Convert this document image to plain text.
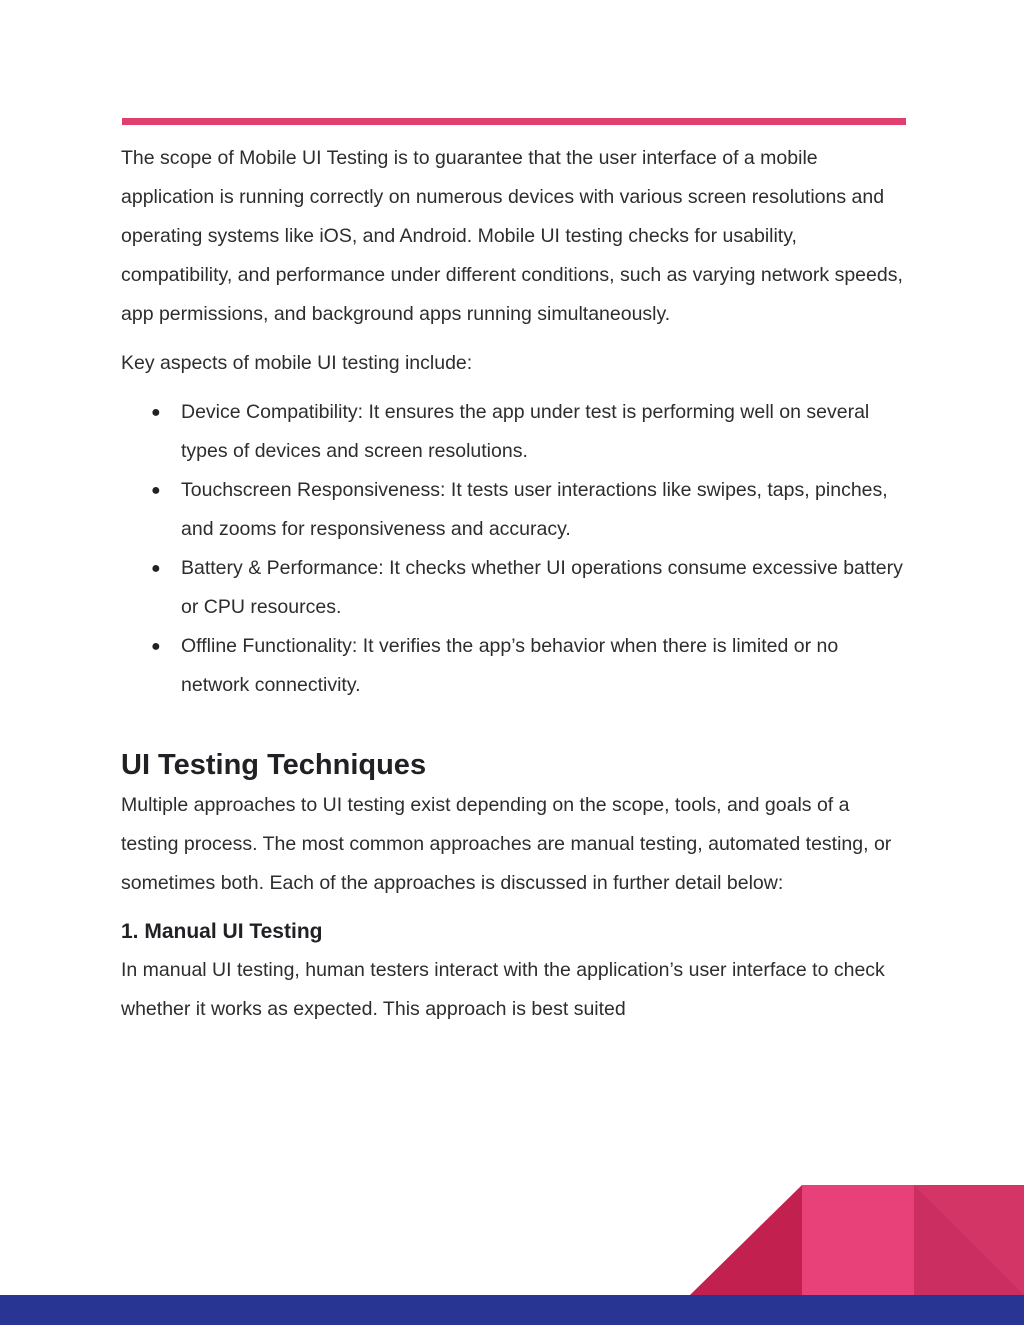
The scope of Mobile UI Testing is to guarantee that the user interface of a mobile application is running correctly on numerous devices with various screen resolutions and operating systems like iOS, and Android. Mobile UI testing checks for usability, compatibility, and performance under different conditions, such as varying network speeds, app permissions, and background apps running simultaneously.

Key aspects of mobile UI testing include:

● Device Compatibility: It ensures the app under test is performing well on several types of devices and screen resolutions.
● Touchscreen Responsiveness: It tests user interactions like swipes, taps, pinches, and zooms for responsiveness and accuracy.
● Battery & Performance: It checks whether UI operations consume excessive battery or CPU resources.
● Offline Functionality: It verifies the app’s behavior when there is limited or no network connectivity.
UI Testing Techniques

Multiple approaches to UI testing exist depending on the scope, tools, and goals of a testing process. The most common approaches are manual testing, automated testing, or sometimes both. Each of the approaches is discussed in further detail below:

1. Manual UI Testing

In manual UI testing, human testers interact with the application’s user interface to check whether it works as expected. This approach is best suited
